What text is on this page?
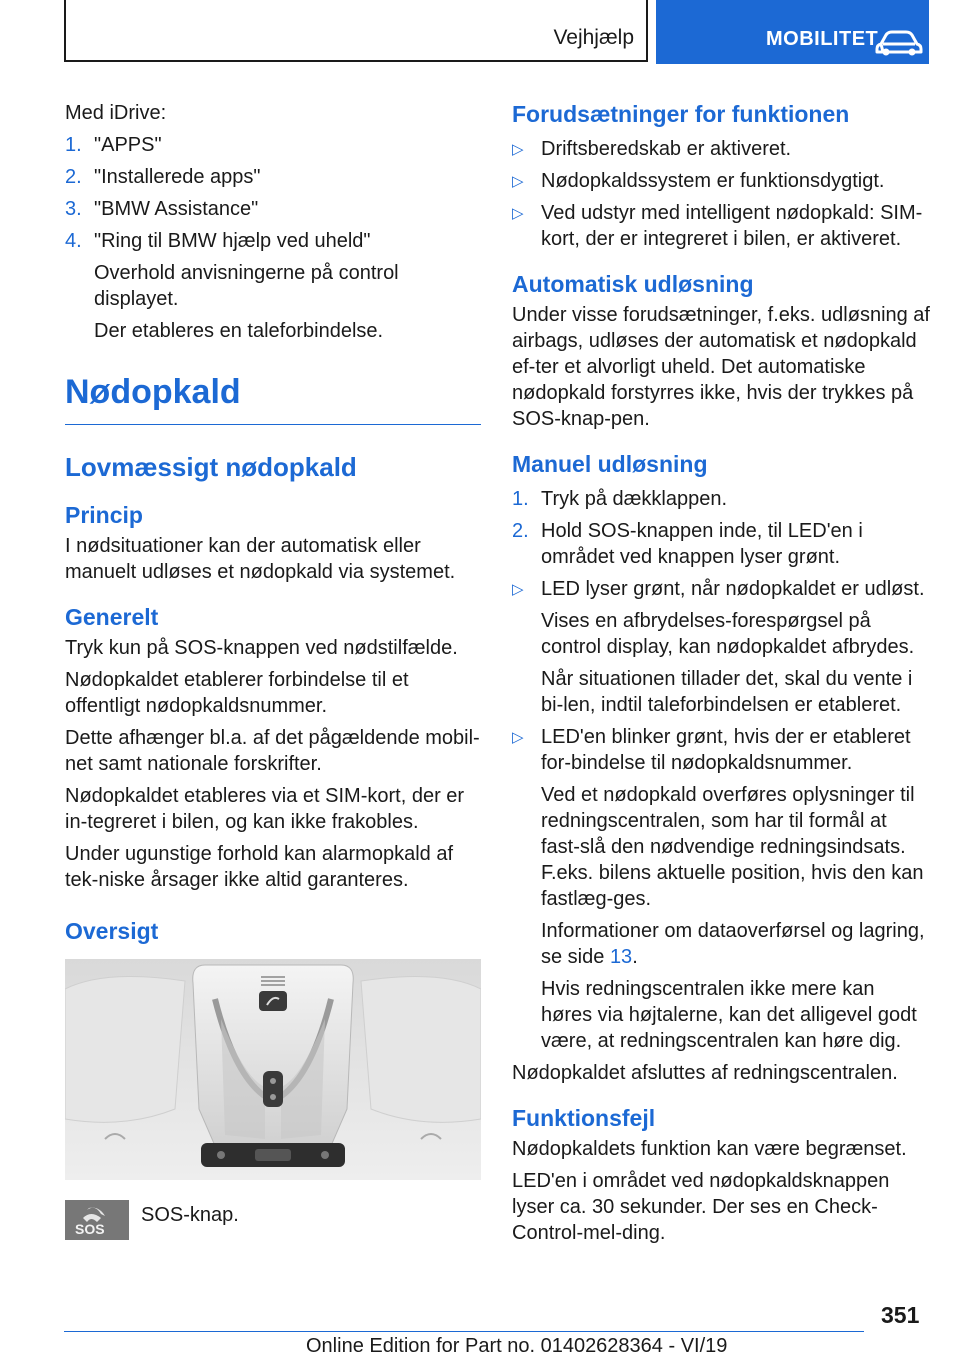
Vejhjælp	MOBILITET

Med iDrive:

1. "APPS"
2. "Installerede apps"
3. "BMW Assistance"
4. "Ring til BMW hjælp ved uheld"
Overhold anvisningerne på control displayet.
Der etableres en taleforbindelse.
Nødopkald
Lovmæssigt nødopkald
Princip

I nødsituationer kan der automatisk eller manuelt udløses et nødopkald via systemet.

Generelt

Tryk kun på SOS-knappen ved nødstilfælde.

Nødopkaldet etablerer forbindelse til et offentligt nødopkaldsnummer.

Dette afhænger bl.a. af det pågældende mobil-net samt nationale forskrifter.

Nødopkaldet etableres via et SIM-kort, der er in-tegreret i bilen, og kan ikke frakobles.

Under ugunstige forhold kan alarmopkald af tek-niske årsager ikke altid garanteres.

Oversigt
SOS
SOS-knap.
Forudsætninger for funktionen
▷ Driftsberedskab er aktiveret.
▷ Nødopkaldssystem er funktionsdygtigt.
▷ Ved udstyr med intelligent nødopkald: SIM-kort, der er integreret i bilen, er aktiveret.
Automatisk udløsning

Under visse forudsætninger, f.eks. udløsning af airbags, udløses der automatisk et nødopkald ef-ter et alvorligt uheld. Det automatiske nødopkald forstyrres ikke, hvis der trykkes på SOS-knap-pen.

Manuel udløsning
1. Tryk på dækklappen.
2. Hold SOS-knappen inde, til LED'en i området ved knappen lyser grønt.
▷ LED lyser grønt, når nødopkaldet er udløst.
Vises en afbrydelses-forespørgsel på control display, kan nødopkaldet afbrydes.
Når situationen tillader det, skal du vente i bi-len, indtil taleforbindelsen er etableret.
▷ LED'en blinker grønt, hvis der er etableret for-bindelse til nødopkaldsnummer.
Ved et nødopkald overføres oplysninger til redningscentralen, som har til formål at fast-slå den nødvendige redningsindsats. F.eks. bilens aktuelle position, hvis den kan fastlæg-ges.
Informationer om dataoverførsel og lagring, se side 13.
Hvis redningscentralen ikke mere kan høres via højtalerne, kan det alligevel godt være, at redningscentralen kan høre dig.

Nødopkaldet afsluttes af redningscentralen.

Funktionsfejl

Nødopkaldets funktion kan være begrænset.

LED'en i området ved nødopkaldsknappen lyser ca. 30 sekunder. Der ses en Check-Control-mel-ding.

351
Online Edition for Part no. 01402628364 - VI/19
